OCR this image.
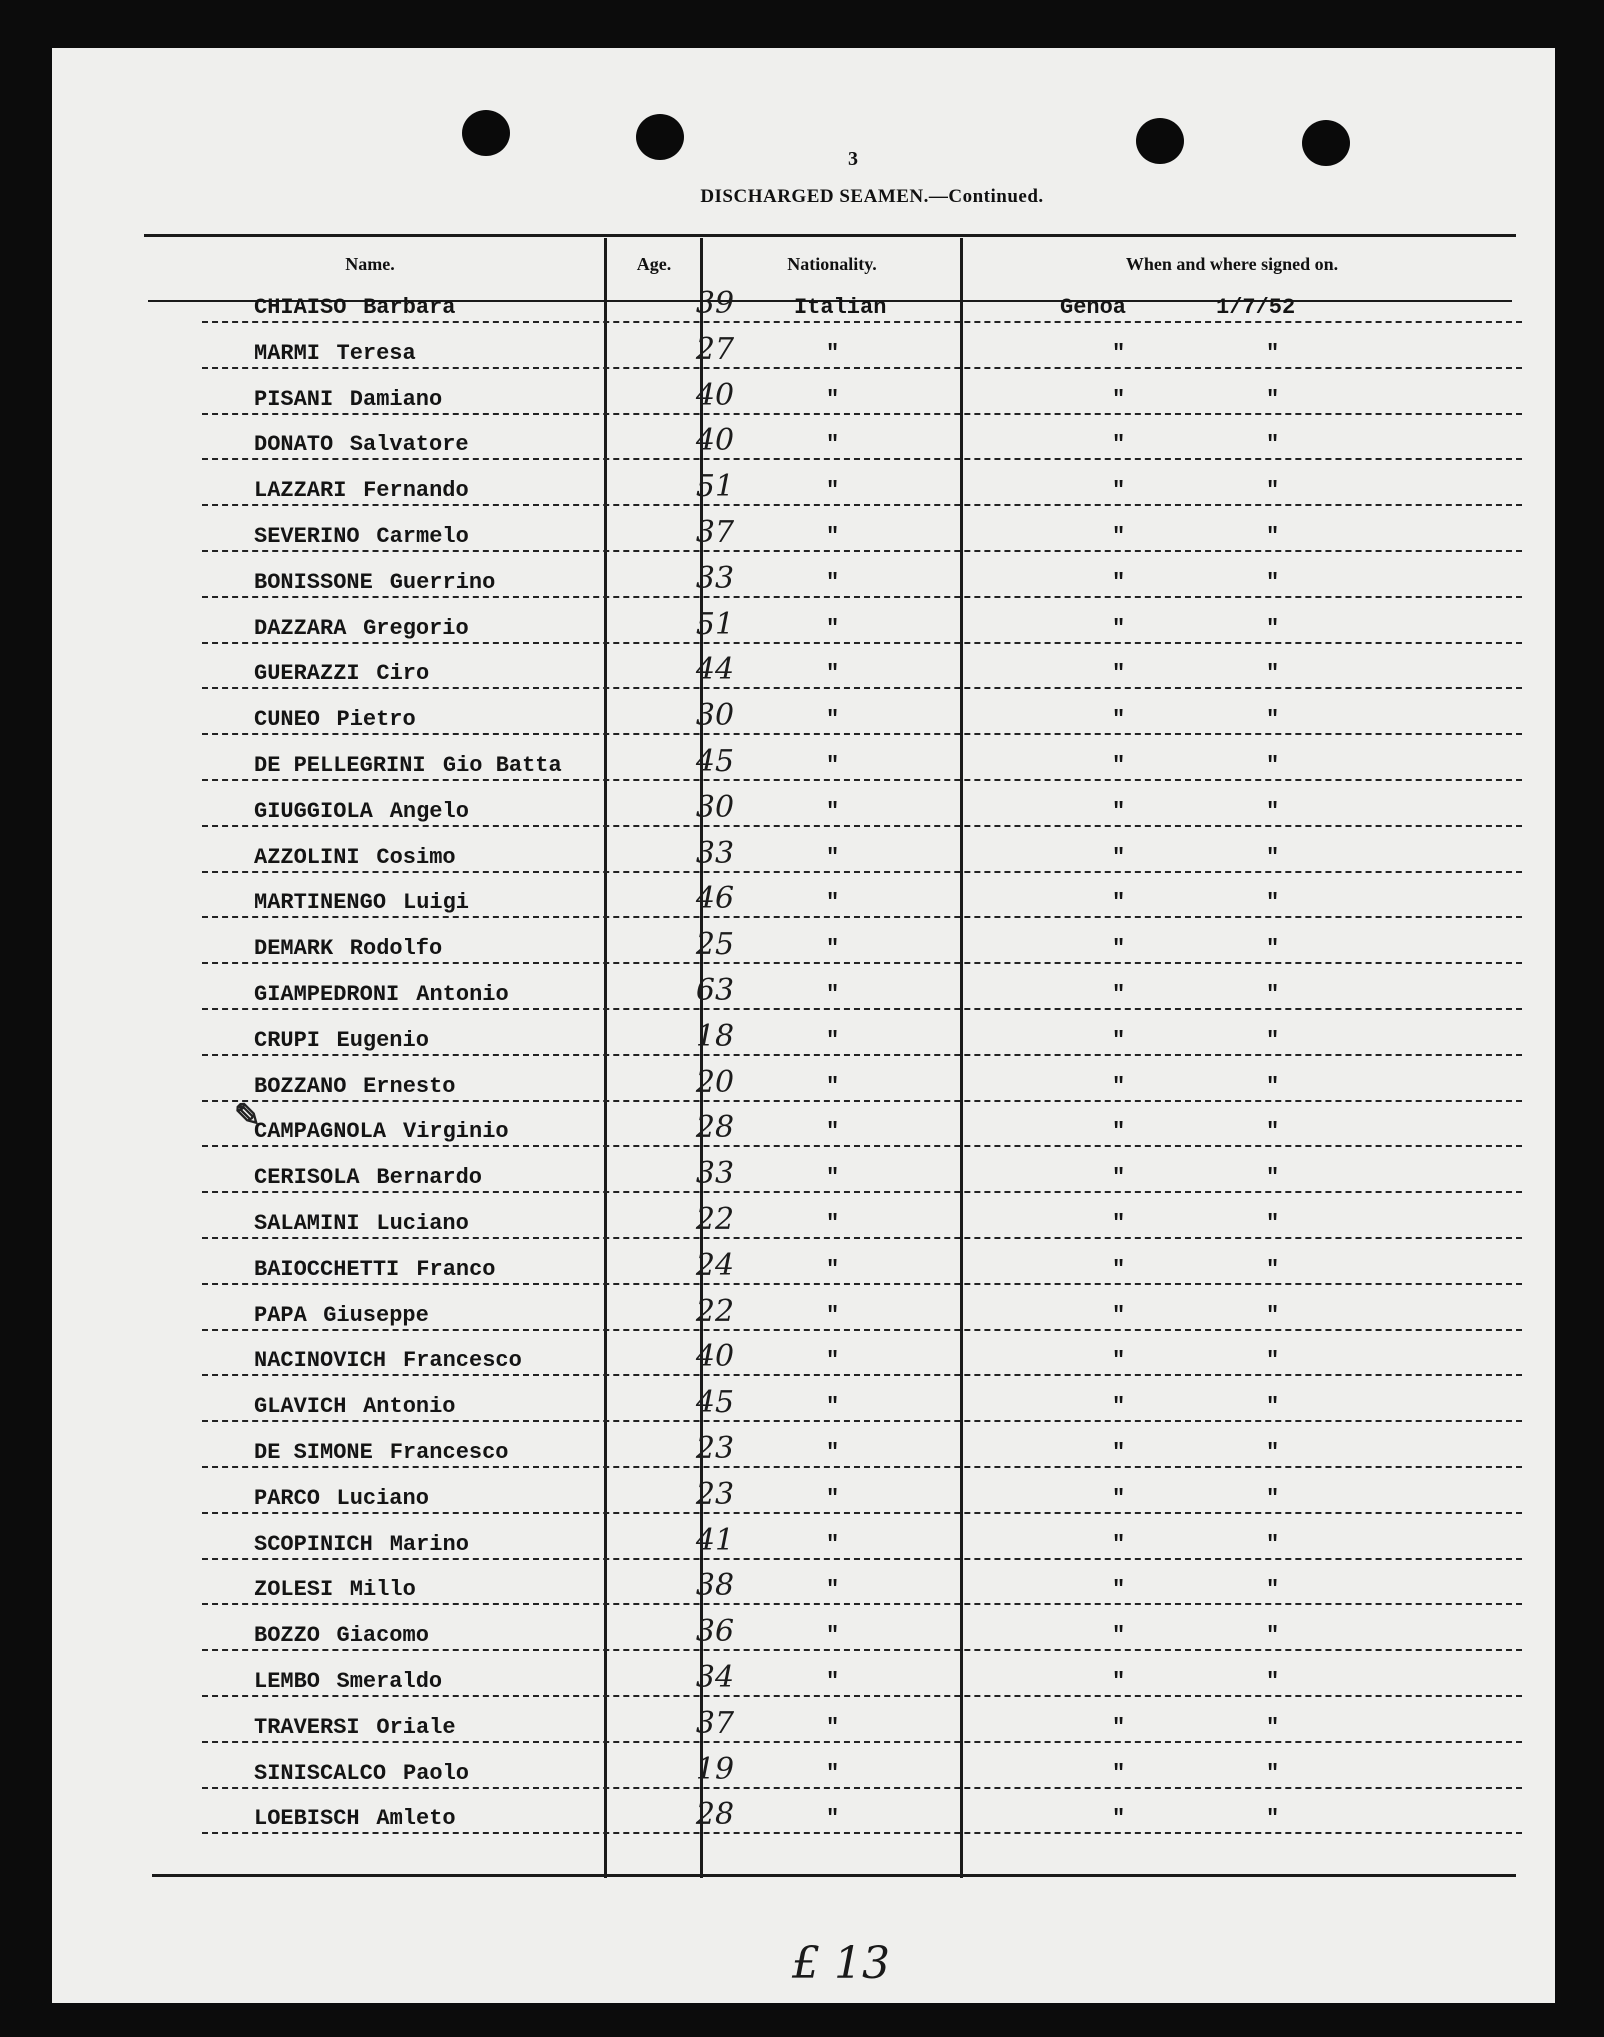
3
DISCHARGED SEAMEN.—Continued.
Name.	Age.	Nationality.	When and where signed on.
CHIAISO Barbara	39	Italian	Genoa	1/7/52
MARMI Teresa	27	"	"	"
PISANI Damiano	40	"	"	"
DONATO Salvatore	40	"	"	"
LAZZARI Fernando	51	"	"	"
SEVERINO Carmelo	37	"	"	"
BONISSONE Guerrino	33	"	"	"
DAZZARA Gregorio	51	"	"	"
GUERAZZI Ciro	44	"	"	"
CUNEO Pietro	30	"	"	"
DE PELLEGRINI Gio Batta	45	"	"	"
GIUGGIOLA Angelo	30	"	"	"
AZZOLINI Cosimo	33	"	"	"
MARTINENGO Luigi	46	"	"	"
DEMARK Rodolfo	25	"	"	"
GIAMPEDRONI Antonio	63	"	"	"
CRUPI Eugenio	18	"	"	"
BOZZANO Ernesto	20	"	"	"
CAMPAGNOLA Virginio	28	"	"	"
CERISOLA Bernardo	33	"	"	"
SALAMINI Luciano	22	"	"	"
BAIOCCHETTI Franco	24	"	"	"
PAPA Giuseppe	22	"	"	"
NACINOVICH Francesco	40	"	"	"
GLAVICH Antonio	45	"	"	"
DE SIMONE Francesco	23	"	"	"
PARCO Luciano	23	"	"	"
SCOPINICH Marino	41	"	"	"
ZOLESI Millo	38	"	"	"
BOZZO Giacomo	36	"	"	"
LEMBO Smeraldo	34	"	"	"
TRAVERSI Oriale	37	"	"	"
SINISCALCO Paolo	19	"	"	"
LOEBISCH Amleto	28	"	"	"
✎
£ 13
